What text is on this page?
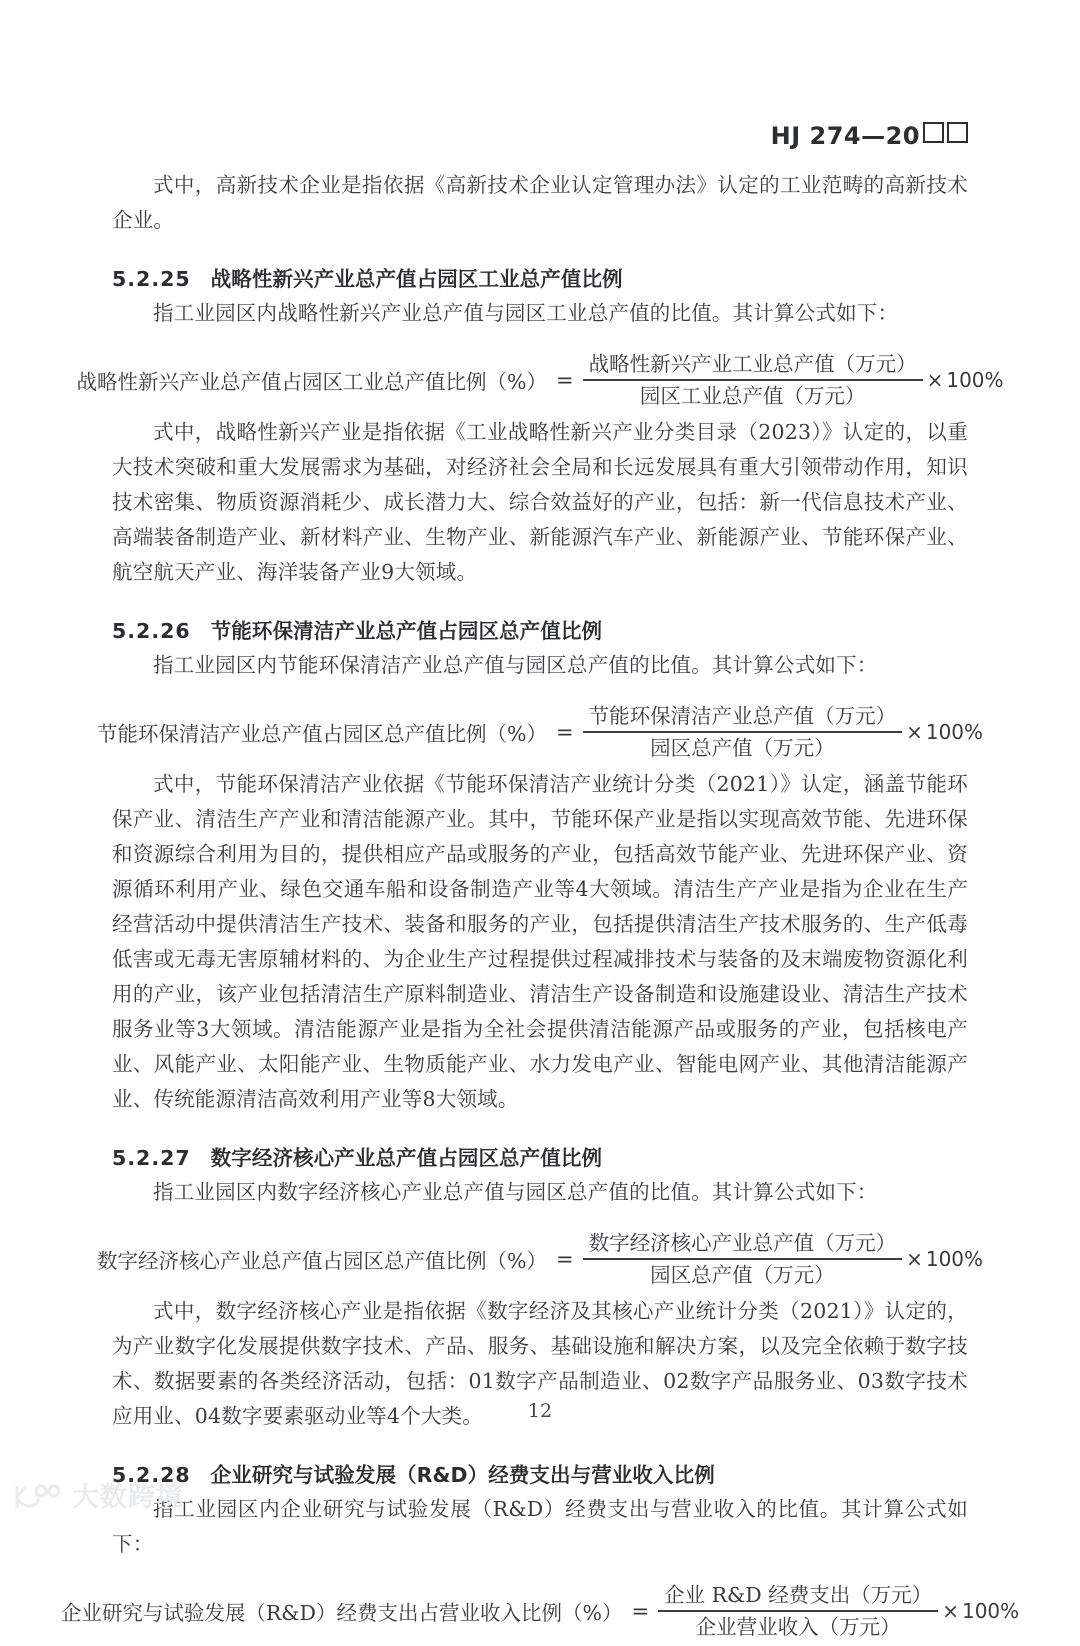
HJ 274—20

式中，高新技术企业是指依据《高新技术企业认定管理办法》认定的工业范畴的高新技术企业。

5.2.25 战略性新兴产业总产值占园区工业总产值比例

指工业园区内战略性新兴产业总产值与园区工业总产值的比值。其计算公式如下：

战略性新兴产业总产值占园区工业总产值比例（%） = $\frac{\text{战略性新兴产业工业总产值（万元）}}{\text{园区工业总产值（万元）}} \times 100\%$

式中，战略性新兴产业是指依据《工业战略性新兴产业分类目录（2023）》认定的，以重大技术突破和重大发展需求为基础，对经济社会全局和长远发展具有重大引领带动作用，知识技术密集、物质资源消耗少、成长潜力大、综合效益好的产业，包括：新一代信息技术产业、高端装备制造产业、新材料产业、生物产业、新能源汽车产业、新能源产业、节能环保产业、航空航天产业、海洋装备产业9大领域。

5.2.26 节能环保清洁产业总产值占园区总产值比例

指工业园区内节能环保清洁产业总产值与园区总产值的比值。其计算公式如下：

节能环保清洁产业总产值占园区总产值比例（%） = $\frac{\text{节能环保清洁产业总产值（万元）}}{\text{园区总产值（万元）}} \times 100\%$

式中，节能环保清洁产业依据《节能环保清洁产业统计分类（2021）》认定，涵盖节能环保产业、清洁生产产业和清洁能源产业。其中，节能环保产业是指以实现高效节能、先进环保和资源综合利用为目的，提供相应产品或服务的产业，包括高效节能产业、先进环保产业、资源循环利用产业、绿色交通车船和设备制造产业等4大领域。清洁生产产业是指为企业在生产经营活动中提供清洁生产技术、装备和服务的产业，包括提供清洁生产技术服务的、生产低毒低害或无毒无害原辅材料的、为企业生产过程提供过程减排技术与装备的及末端废物资源化利用的产业，该产业包括清洁生产原料制造业、清洁生产设备制造和设施建设业、清洁生产技术服务业等3大领域。清洁能源产业是指为全社会提供清洁能源产品或服务的产业，包括核电产业、风能产业、太阳能产业、生物质能产业、水力发电产业、智能电网产业、其他清洁能源产业、传统能源清洁高效利用产业等8大领域。

5.2.27 数字经济核心产业总产值占园区总产值比例

指工业园区内数字经济核心产业总产值与园区总产值的比值。其计算公式如下：

数字经济核心产业总产值占园区总产值比例（%） = $\frac{\text{数字经济核心产业总产值（万元）}}{\text{园区总产值（万元）}} \times 100\%$

式中，数字经济核心产业是指依据《数字经济及其核心产业统计分类（2021）》认定的，为产业数字化发展提供数字技术、产品、服务、基础设施和解决方案，以及完全依赖于数字技术、数据要素的各类经济活动，包括：01数字产品制造业、02数字产品服务业、03数字技术应用业、04数字要素驱动业等4个大类。

5.2.28 企业研究与试验发展（R&D）经费支出与营业收入比例

指工业园区内企业研究与试验发展（R&D）经费支出与营业收入的比值。其计算公式如下：

企业研究与试验发展（R&D）经费支出占营业收入比例（%） = $\frac{\text{企业 R\&D 经费支出（万元）}}{\text{企业营业收入（万元）}} \times 100\%$
12
大数跨境
